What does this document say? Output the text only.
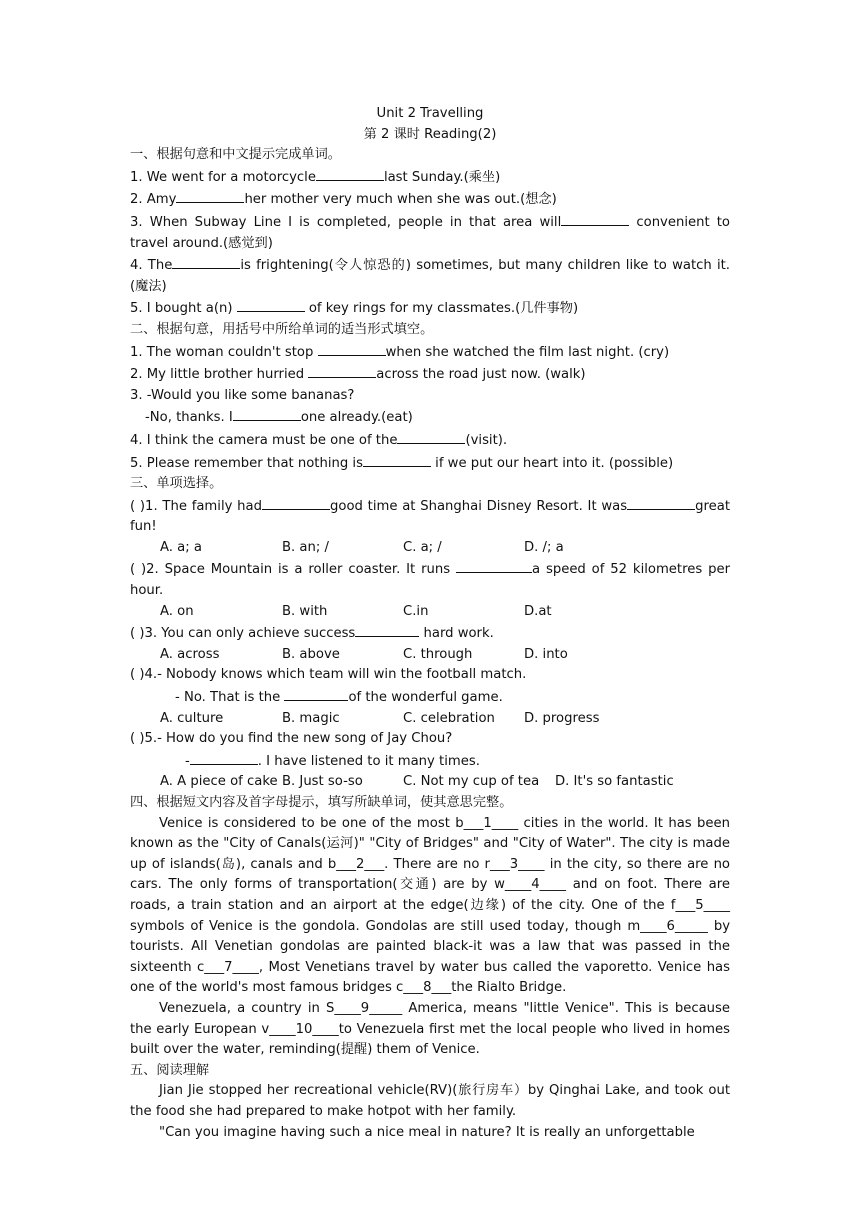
Unit 2 Travelling

第 2 课时 Reading(2)

一、根据句意和中文提示完成单词。

1. We went for a motorcycle	last Sunday.(乘坐)

2. Amy	her mother very much when she was out.(想念)

3. When Subway Line I is completed, people in that area will	convenient to travel around.(感觉到)

4. The	is frightening(令人惊恐的) sometimes, but many children like to watch it.(魔法)

5. I bought a(n)	of key rings for my classmates.(几件事物)

二、根据句意，用括号中所给单词的适当形式填空。

1. The woman couldn't stop	when she watched the film last night. (cry)

2. My little brother hurried	across the road just now. (walk)

3. -Would you like some bananas?

-No, thanks. I	one already.(eat)

4. I think the camera must be one of the	(visit).

5. Please remember that nothing is	if we put our heart into it. (possible)

三、单项选择。

( )1. The family had	good time at Shanghai Disney Resort. It was	great fun!

A. a; a	B. an; /	C. a; /	D. /; a

( )2. Space Mountain is a roller coaster. It runs	a speed of 52 kilometres per hour.

A. on	B. with	C.in	D.at

( )3. You can only achieve success	hard work.

A. across	B. above	C. through	D. into

( )4.- Nobody knows which team will win the football match.

- No. That is the	of the wonderful game.

A. culture	B. magic	C. celebration	D. progress

( )5.- How do you find the new song of Jay Chou?

-	. I have listened to it many times.

A. A piece of cake B. Just so-so	C. Not my cup of tea	D. It's so fantastic

四、根据短文内容及首字母提示，填写所缺单词，使其意思完整。

Venice is considered to be one of the most b___1____ cities in the world. It has been known as the "City of Canals(运河)" "City of Bridges" and "City of Water". The city is made up of islands(岛), canals and b___2___. There are no r___3____ in the city, so there are no cars. The only forms of transportation(交通) are by w____4____ and on foot. There are roads, a train station and an airport at the edge(边缘) of the city. One of the f___5____ symbols of Venice is the gondola. Gondolas are still used today, though m____6_____ by tourists. All Venetian gondolas are painted black-it was a law that was passed in the sixteenth c___7____, Most Venetians travel by water bus called the vaporetto. Venice has one of the world's most famous bridges c___8___the Rialto Bridge.

Venezuela, a country in S____9_____ America, means "little Venice". This is because the early European v____10____to Venezuela first met the local people who lived in homes built over the water, reminding(提醒) them of Venice.

五、阅读理解

Jian Jie stopped her recreational vehicle(RV)(旅行房车）by Qinghai Lake, and took out the food she had prepared to make hotpot with her family.

"Can you imagine having such a nice meal in nature? It is really an unforgettable
